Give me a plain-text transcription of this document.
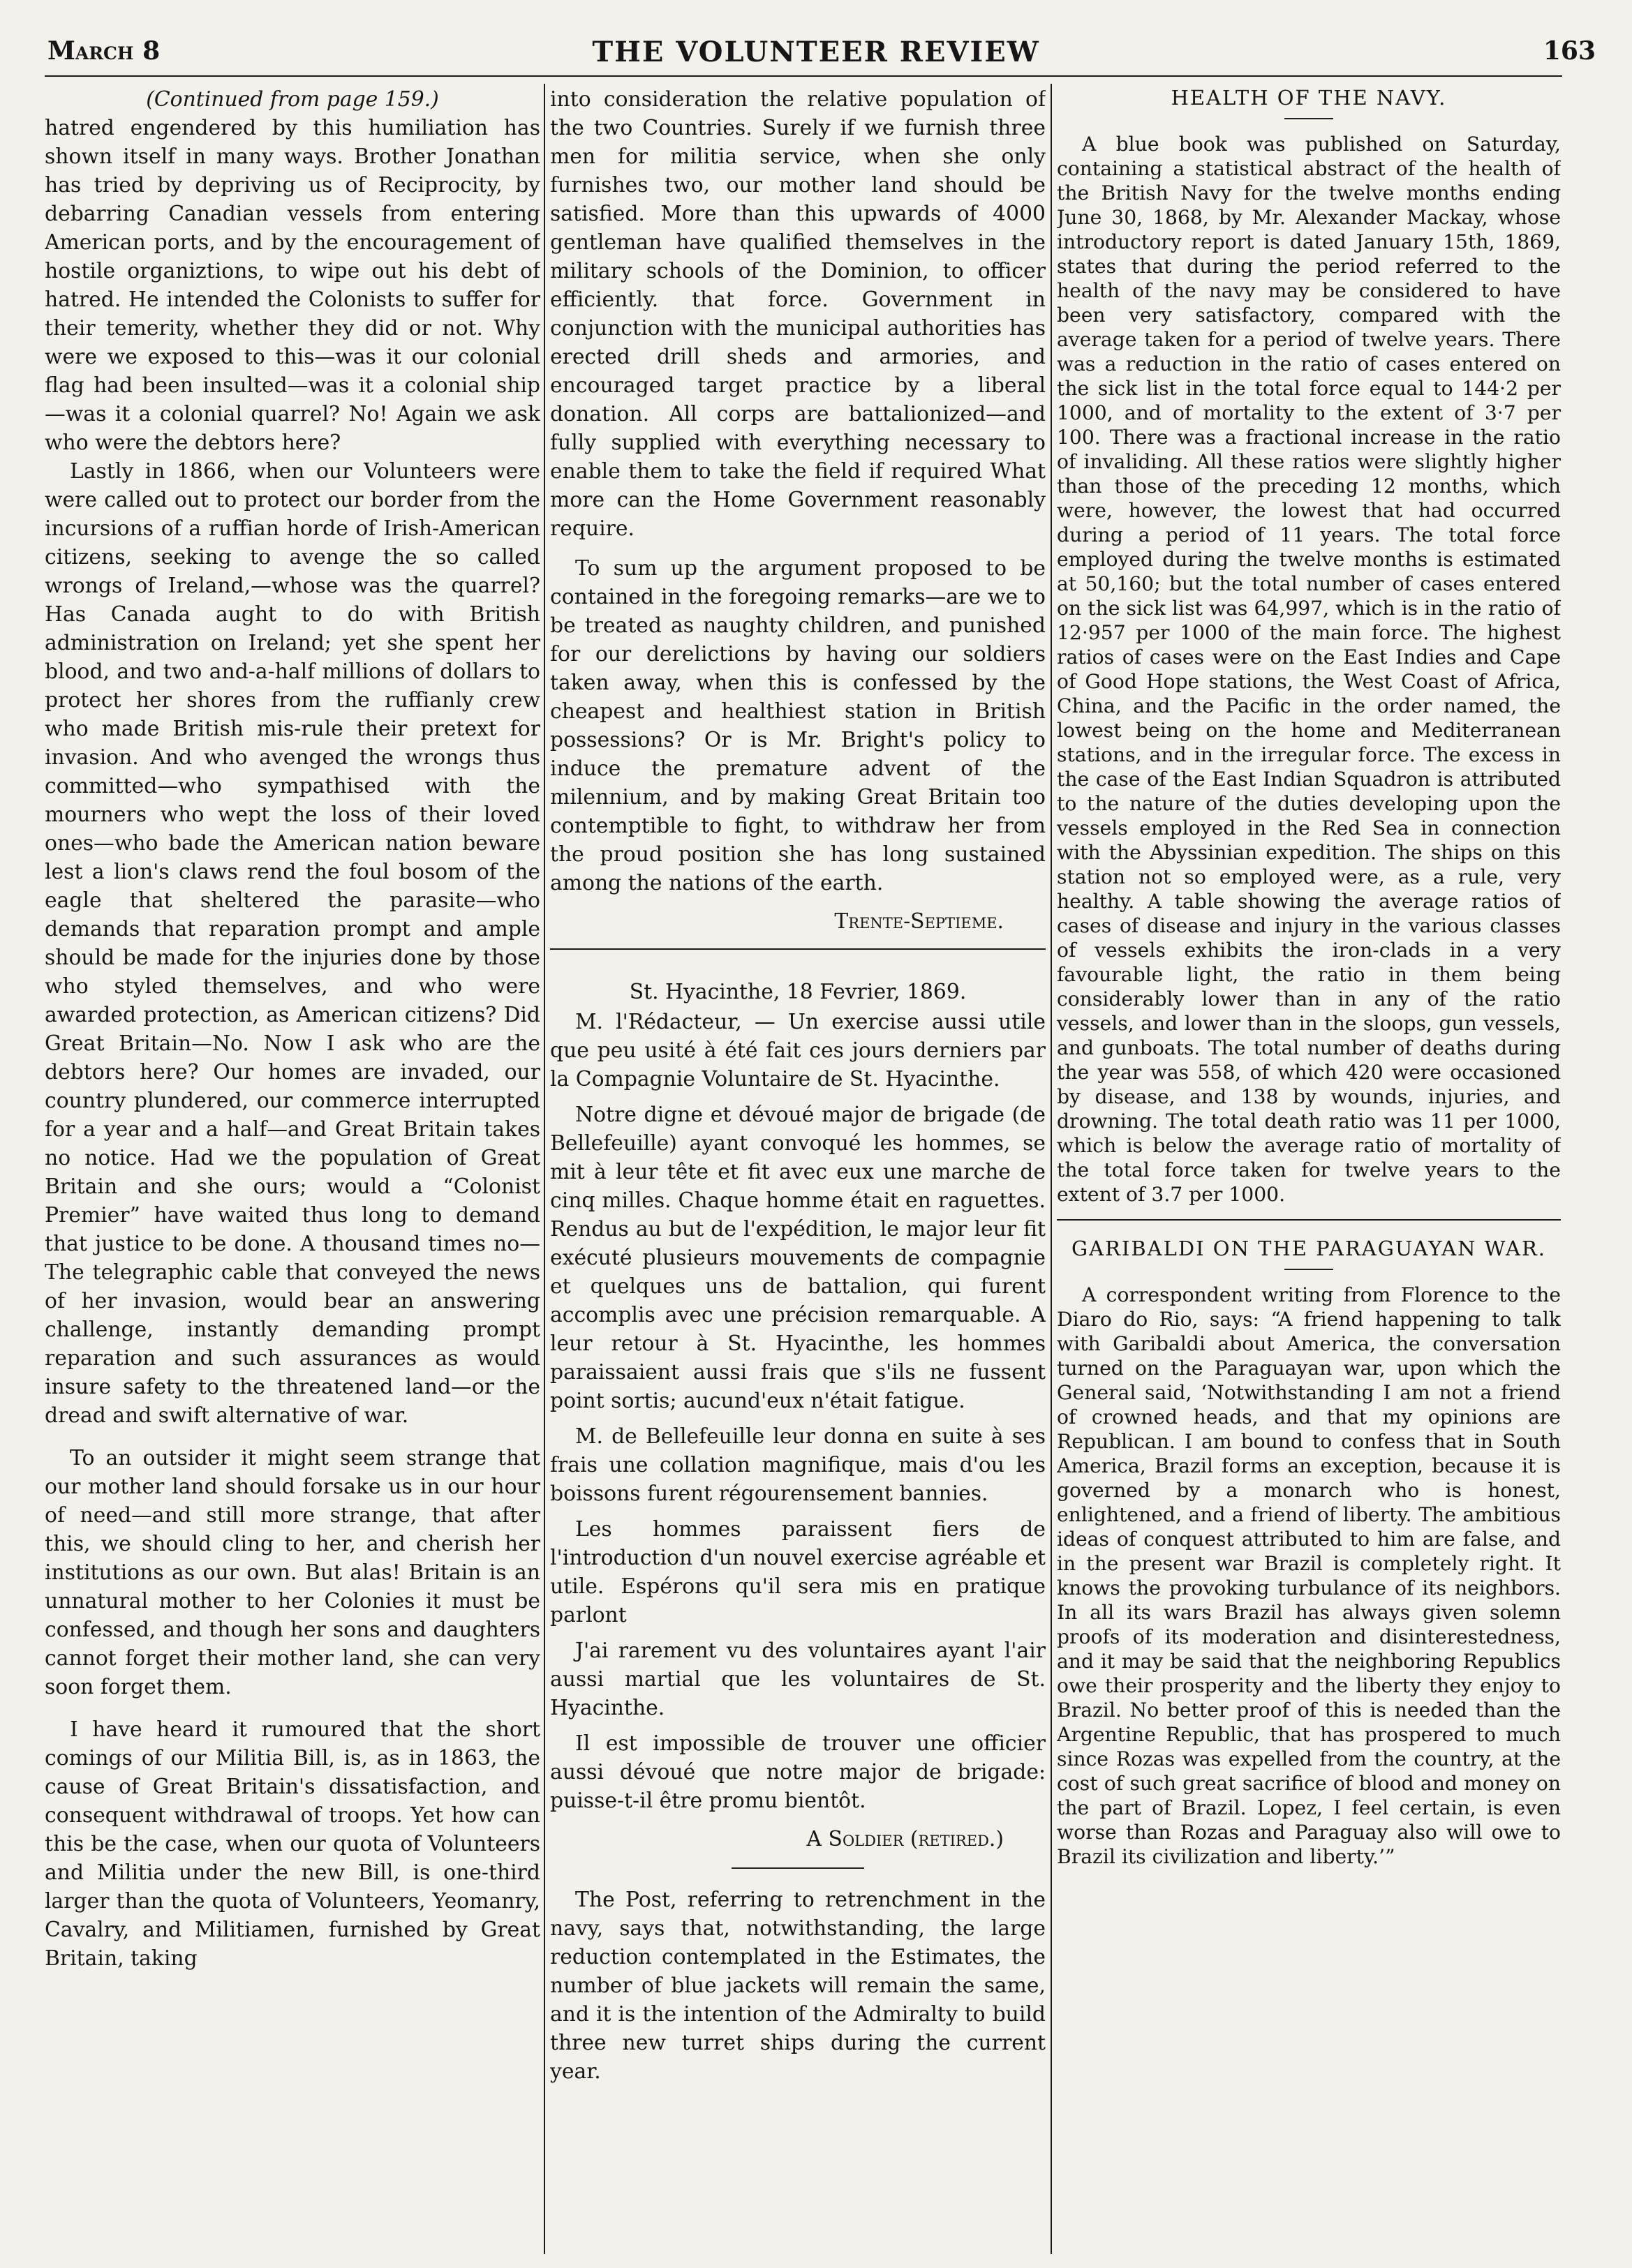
THE VOLUNTEER REVIEW
March 8	163

(Continued from page 159.)

hatred engendered by this humiliation has shown itself in many ways. Brother Jonathan has tried by depriving us of Reciprocity, by debarring Canadian vessels from entering American ports, and by the encouragement of hostile organiztions, to wipe out his debt of hatred. He intended the Colonists to suffer for their temerity, whether they did or not. Why were we exposed to this—was it our colonial flag had been insulted—was it a colonial ship—was it a colonial quarrel? No! Again we ask who were the debtors here?

Lastly in 1866, when our Volunteers were were called out to protect our border from the incursions of a ruffian horde of Irish-American citizens, seeking to avenge the so called wrongs of Ireland,—whose was the quarrel? Has Canada aught to do with British administration on Ireland; yet she spent her blood, and two and-a-half millions of dollars to protect her shores from the ruffianly crew who made British mis-rule their pretext for invasion. And who avenged the wrongs thus committed—who sympathised with the mourners who wept the loss of their loved ones—who bade the American nation beware lest a lion's claws rend the foul bosom of the eagle that sheltered the parasite—who demands that reparation prompt and ample should be made for the injuries done by those who styled themselves, and who were awarded protection, as American citizens? Did Great Britain—No. Now I ask who are the debtors here? Our homes are invaded, our country plundered, our commerce interrupted for a year and a half—and Great Britain takes no notice. Had we the population of Great Britain and she ours; would a “Colonist Premier” have waited thus long to demand that justice to be done. A thousand times no—The telegraphic cable that conveyed the news of her invasion, would bear an answering challenge, instantly demanding prompt reparation and such assurances as would insure safety to the threatened land—or the dread and swift alternative of war.

To an outsider it might seem strange that our mother land should forsake us in our hour of need—and still more strange, that after this, we should cling to her, and cherish her institutions as our own. But alas! Britain is an unnatural mother to her Colonies it must be confessed, and though her sons and daughters cannot forget their mother land, she can very soon forget them.

I have heard it rumoured that the short comings of our Militia Bill, is, as in 1863, the cause of Great Britain's dissatisfaction, and consequent withdrawal of troops. Yet how can this be the case, when our quota of Volunteers and Militia under the new Bill, is one-third larger than the quota of Volunteers, Yeomanry, Cavalry, and Militiamen, furnished by Great Britain, taking

into consideration the relative population of the two Countries. Surely if we furnish three men for militia service, when she only furnishes two, our mother land should be satisfied. More than this upwards of 4000 gentleman have qualified themselves in the military schools of the Dominion, to officer efficiently. that force. Government in conjunction with the municipal authorities has erected drill sheds and armories, and encouraged target practice by a liberal donation. All corps are battalionized—and fully supplied with everything necessary to enable them to take the field if required What more can the Home Government reasonably require.

To sum up the argument proposed to be contained in the foregoing remarks—are we to be treated as naughty children, and punished for our derelictions by having our soldiers taken away, when this is confessed by the cheapest and healthiest station in British possessions? Or is Mr. Bright's policy to induce the premature advent of the milennium, and by making Great Britain too contemptible to fight, to withdraw her from the proud position she has long sustained among the nations of the earth.

Trente-Septieme.

St. Hyacinthe, 18 Fevrier, 1869.

M. l'Rédacteur, — Un exercise aussi utile que peu usité à été fait ces jours derniers par la Compagnie Voluntaire de St. Hyacinthe.

Notre digne et dévoué major de brigade (de Bellefeuille) ayant convoqué les hommes, se mit à leur tête et fit avec eux une marche de cinq milles. Chaque homme était en raguettes. Rendus au but de l'expédition, le major leur fit exécuté plusieurs mouvements de compagnie et quelques uns de battalion, qui furent accomplis avec une précision remarquable. A leur retour à St. Hyacinthe, les hommes paraissaient aussi frais que s'ils ne fussent point sortis; aucund'eux n'était fatigue.

M. de Bellefeuille leur donna en suite à ses frais une collation magnifique, mais d'ou les boissons furent régourensement bannies.

Les hommes paraissent fiers de l'introduction d'un nouvel exercise agréable et utile. Espérons qu'il sera mis en pratique parlont

J'ai rarement vu des voluntaires ayant l'air aussi martial que les voluntaires de St. Hyacinthe.

Il est impossible de trouver une officier aussi dévoué que notre major de brigade: puisse-t-il être promu bientôt.

A Soldier (retired.)

The Post, referring to retrenchment in the navy, says that, notwithstanding, the large reduction contemplated in the Estimates, the number of blue jackets will remain the same, and it is the intention of the Admiralty to build three new turret ships during the current year.

HEALTH OF THE NAVY.

A blue book was published on Saturday, containing a statistical abstract of the health of the British Navy for the twelve months ending June 30, 1868, by Mr. Alexander Mackay, whose introductory report is dated January 15th, 1869, states that during the period referred to the health of the navy may be considered to have been very satisfactory, compared with the average taken for a period of twelve years. There was a reduction in the ratio of cases entered on the sick list in the total force equal to 144·2 per 1000, and of mortality to the extent of 3·7 per 100. There was a fractional increase in the ratio of invaliding. All these ratios were slightly higher than those of the preceding 12 months, which were, however, the lowest that had occurred during a period of 11 years. The total force employed during the twelve months is estimated at 50,160; but the total number of cases entered on the sick list was 64,997, which is in the ratio of 12·957 per 1000 of the main force. The highest ratios of cases were on the East Indies and Cape of Good Hope stations, the West Coast of Africa, China, and the Pacific in the order named, the lowest being on the home and Mediterranean stations, and in the irregular force. The excess in the case of the East Indian Squadron is attributed to the nature of the duties developing upon the vessels employed in the Red Sea in connection with the Abyssinian expedition. The ships on this station not so employed were, as a rule, very healthy. A table showing the average ratios of cases of disease and injury in the various classes of vessels exhibits the iron-clads in a very favourable light, the ratio in them being considerably lower than in any of the ratio vessels, and lower than in the sloops, gun vessels, and gunboats. The total number of deaths during the year was 558, of which 420 were occasioned by disease, and 138 by wounds, injuries, and drowning. The total death ratio was 11 per 1000, which is below the average ratio of mortality of the total force taken for twelve years to the extent of 3.7 per 1000.

GARIBALDI ON THE PARAGUAYAN WAR.

A correspondent writing from Florence to the Diaro do Rio, says: “A friend happening to talk with Garibaldi about America, the conversation turned on the Paraguayan war, upon which the General said, ‘Notwithstanding I am not a friend of crowned heads, and that my opinions are Republican. I am bound to confess that in South America, Brazil forms an exception, because it is governed by a monarch who is honest, enlightened, and a friend of liberty. The ambitious ideas of conquest attributed to him are false, and in the present war Brazil is completely right. It knows the provoking turbulance of its neighbors. In all its wars Brazil has always given solemn proofs of its moderation and disinterestedness, and it may be said that the neighboring Republics owe their prosperity and the liberty they enjoy to Brazil. No better proof of this is needed than the Argentine Republic, that has prospered to much since Rozas was expelled from the country, at the cost of such great sacrifice of blood and money on the part of Brazil. Lopez, I feel certain, is even worse than Rozas and Paraguay also will owe to Brazil its civilization and liberty.’”
